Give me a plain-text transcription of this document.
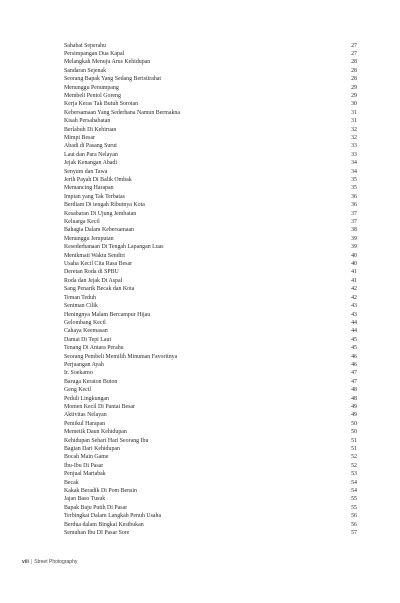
Sahabat Seperahu	27
Persimpangan Dua Kapal	27
Melangkah Menuju Arus Kehidupan	28
Sandaran Sejenak	28
Seorang Bapak Yang Sedang Beristirahat	28
Menunggu Penumpang	29
Membeli Pentol Goreng	29
Kerja Keras Tak Butuh Sorotan	30
Kebersamaan Yang Sederhana Namun Bermakna	31
Kisah Persahabatan	31
Berlabuh Di Kehiruan	32
Mimpi Besar	32
Abadi di Pasang Surut	33
Laut dan Para Nelayan	33
Jejak Kenangan Abadi	34
Senyum dan Tawa	34
Jerih Payah Di Balik Ombak	35
Memancing Harapan	35
Impian yang Tak Terbatas	36
Berdiam Di tengah Ributnya Kota	36
Kesabaran Di Ujung Jembatan	37
Keluarga Kecil	37
Bahagia Dalam Kebersamaan	38
Menunggu Jemputan	39
Kesederhanaan Di Tengah Lapangan Luas	39
Menikmati Waktu Sendiri	40
Usaha Kecil Cita Rasa Besar	40
Deretan Roda di SPBU	41
Roda dan Jejak Di Aspal	41
Sang Penarik Becak dan Kota	42
Teman Teduh	42
Seniman Cilik	43
Heningnya Malam Bercampur Hijau	43
Gelombang Kecil	44
Cahaya Keemasan	44
Damai Di Tepi Laut	45
Tenang Di Antara Perahu	45
Seorang Pembeli Memilih Minuman Favoritnya	46
Perjuangan Ayah	46
Ir. Soekarno	47
Baruga Keraton Buton	47
Geng Kecil	48
Peduli Lingkungan	48
Momen Kecil Di Pantai Besar	49
Aktivitas Nelayan	49
Pemikul Harapan	50
Memetik Daun Kehidupan	50
Kehidupan Sehari Hari Seorang Ibu	51
Bagian Dari Kehidupan	51
Bocah Main Game	52
Ibu-Ibu Di Pasar	52
Penjual Martabak	53
Becak	54
Kakak Beradik Di Pom Bensin	54
Jajan Baso Tusuk	55
Bapak Baju Putih Di Pasar	55
Terbingkai Dalam Langkah Penuh Usaha	56
Berdua dalam Bingkai Kesibukan	56
Semuhan Ibu DI Pasar Sore	57
viii | Street Photography
